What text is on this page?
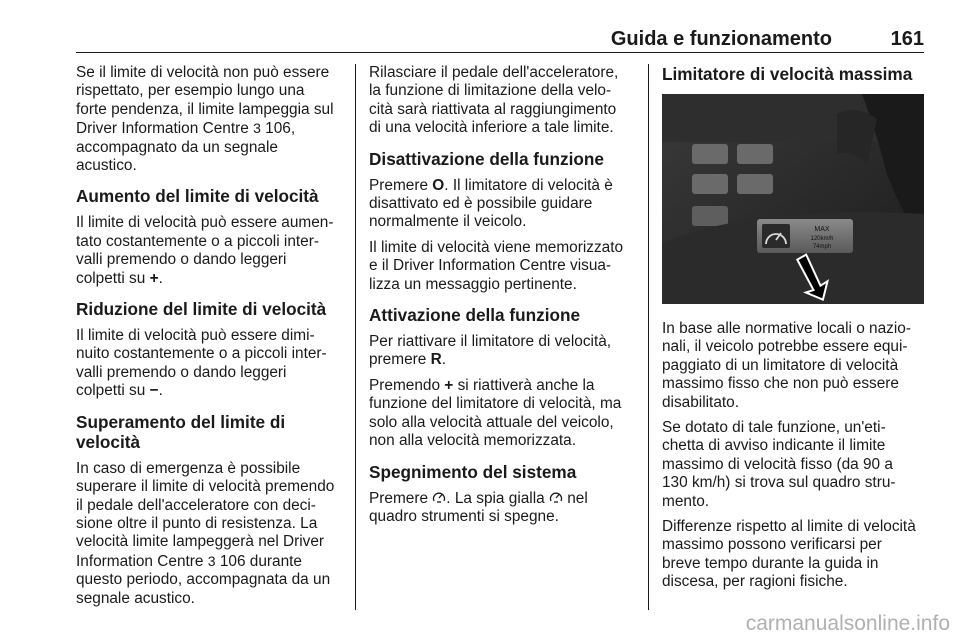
Guida e funzionamento	161

Se il limite di velocità non può essere
rispettato, per esempio lungo una
forte pendenza, il limite lampeggia sul
Driver Information Centre 3 106,
accompagnato da un segnale
acustico.

Aumento del limite di velocità

Il limite di velocità può essere aumen-
tato costantemente o a piccoli inter-
valli premendo o dando leggeri
colpetti su +.

Riduzione del limite di velocità

Il limite di velocità può essere dimi-
nuito costantemente o a piccoli inter-
valli premendo o dando leggeri
colpetti su −.

Superamento del limite di velocità

In caso di emergenza è possibile
superare il limite di velocità premendo
il pedale dell'acceleratore con deci-
sione oltre il punto di resistenza. La
velocità limite lampeggerà nel Driver
Information Centre 3 106 durante
questo periodo, accompagnata da un
segnale acustico.

Rilasciare il pedale dell'acceleratore,
la funzione di limitazione della velo-
cità sarà riattivata al raggiungimento
di una velocità inferiore a tale limite.

Disattivazione della funzione

Premere O. Il limitatore di velocità è
disattivato ed è possibile guidare
normalmente il veicolo.

Il limite di velocità viene memorizzato
e il Driver Information Centre visua-
lizza un messaggio pertinente.

Attivazione della funzione

Per riattivare il limitatore di velocità,
premere R.

Premendo + si riattiverà anche la
funzione del limitatore di velocità, ma
solo alla velocità attuale del veicolo,
non alla velocità memorizzata.

Spegnimento del sistema

Premere . La spia gialla  nel
quadro strumenti si spegne.

Limitatore di velocità massima
MAX
120km/h
74mph

In base alle normative locali o nazio-
nali, il veicolo potrebbe essere equi-
paggiato di un limitatore di velocità
massimo fisso che non può essere
disabilitato.

Se dotato di tale funzione, un'eti-
chetta di avviso indicante il limite
massimo di velocità fisso (da 90 a
130 km/h) si trova sul quadro stru-
mento.

Differenze rispetto al limite di velocità
massimo possono verificarsi per
breve tempo durante la guida in
discesa, per ragioni fisiche.

carmanualsonline.info
